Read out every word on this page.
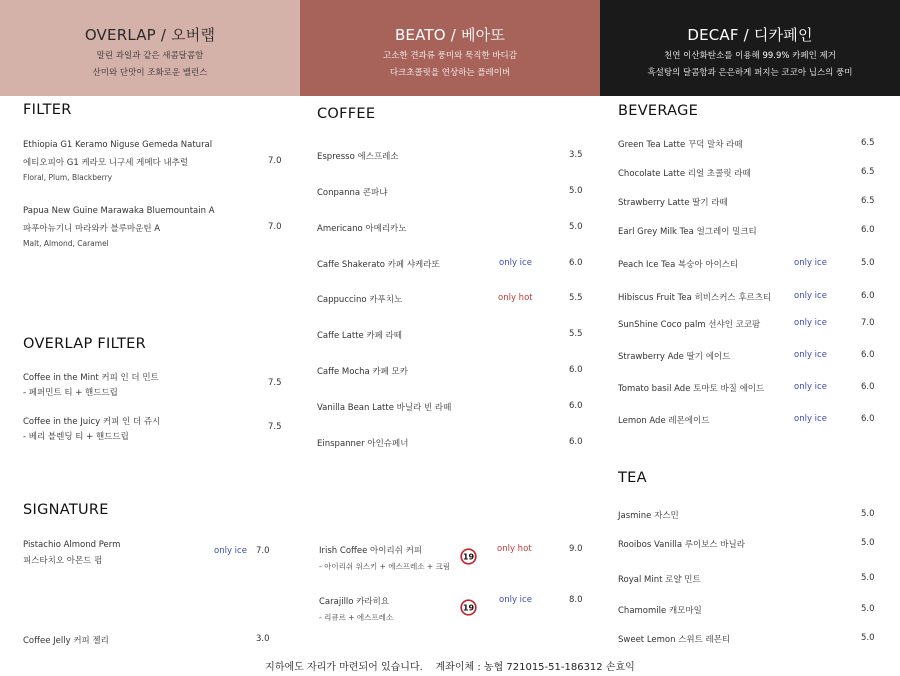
OVERLAP / 오버랩
말린 과일과 같은 새콤달콤함
산미와 단맛이 조화로운 밸런스
BEATO / 베아또
고소한 견과류 풍미와 묵직한 바디감
다크초콜릿을 연상하는 플레이버
DECAF / 디카페인
천연 이산화탄소를 이용해 99.9% 카페인 제거
흑설탕의 달콤함과 은은하게 퍼지는 코코아 닙스의 풍미
FILTER
Ethiopia G1 Keramo Niguse Gemeda Natural
에티오피아 G1 케라모 니구세 게메다 내추럴
Floral, Plum, Blackberry
7.0
Papua New Guine Marawaka Bluemountain A
파푸아뉴기니 마라와카 블루마운틴 A
Malt, Almond, Caramel
7.0
OVERLAP FILTER
Coffee in the Mint 커피 인 더 민트
- 페퍼민트 티 + 핸드드립
7.5
Coffee in the Juicy 커피 인 더 쥬시
- 베리 블렌딩 티 + 핸드드립
7.5
SIGNATURE
Pistachio Almond Perm
피스타치오 아몬드 펌
only ice 7.0
Coffee Jelly 커피 젤리	3.0
COFFEE
Espresso 에스프레소	3.5
Conpanna 콘파냐	5.0
Americano 아메리카노	5.0
Caffe Shakerato 카페 샤케라또	only ice	6.0
Cappuccino 카푸치노	only hot	5.5
Caffe Latte 카페 라떼	5.5
Caffe Mocha 카페 모카	6.0
Vanilla Bean Latte 바닐라 빈 라떼	6.0
Einspanner 아인슈페너	6.0
Irish Coffee 아이리쉬 커피
- 아이리쉬 위스키 + 에스프레소 + 크림
19
only hot	9.0
Carajillo 카라히요
- 리큐르 + 에스프레소
19
only ice	8.0
BEVERAGE
Green Tea Latte 꾸덕 말차 라떼	6.5
Chocolate Latte 리얼 초콜릿 라떼	6.5
Strawberry Latte 딸기 라떼	6.5
Earl Grey Milk Tea 얼그레이 밀크티	6.0
Peach Ice Tea 복숭아 아이스티	only ice	5.0
Hibiscus Fruit Tea 히비스커스 후르츠티	only ice	6.0
SunShine Coco palm 선샤인 코코팜	only ice	7.0
Strawberry Ade 딸기 에이드	only ice	6.0
Tomato basil Ade 토마토 바질 에이드	only ice	6.0
Lemon Ade 레몬에이드	only ice	6.0
TEA
Jasmine 자스민	5.0
Rooibos Vanilla 루이보스 바닐라	5.0
Royal Mint 로얄 민트	5.0
Chamomile 캐모마일	5.0
Sweet Lemon 스위트 레몬티	5.0
지하에도 자리가 마련되어 있습니다.    계좌이체 : 농협 721015-51-186312 손효익
